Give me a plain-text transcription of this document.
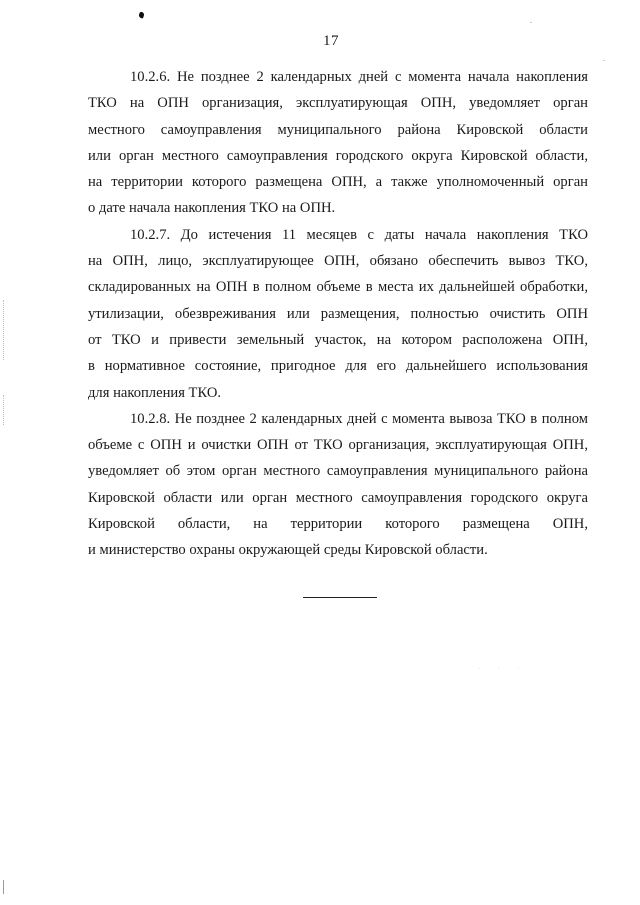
17
10.2.6. Не позднее 2 календарных дней с момента начала накопления
ТКО на ОПН организация, эксплуатирующая ОПН, уведомляет орган
местного самоуправления муниципального района Кировской области
или орган местного самоуправления городского округа Кировской области,
на территории которого размещена ОПН, а также уполномоченный орган
о дате начала накопления ТКО на ОПН.
10.2.7. До истечения 11 месяцев с даты начала накопления ТКО
на ОПН, лицо, эксплуатирующее ОПН, обязано обеспечить вывоз ТКО,
складированных на ОПН в полном объеме в места их дальнейшей обработки,
утилизации, обезвреживания или размещения, полностью очистить ОПН
от ТКО и привести земельный участок, на котором расположена ОПН,
в нормативное состояние, пригодное для его дальнейшего использования
для накопления ТКО.
10.2.8. Не позднее 2 календарных дней с момента вывоза ТКО в полном
объеме с ОПН и очистки ОПН от ТКО организация, эксплуатирующая ОПН,
уведомляет об этом орган местного самоуправления муниципального района
Кировской области или орган местного самоуправления городского округа
Кировской области, на территории которого размещена ОПН,
и министерство охраны окружающей среды Кировской области.
· · ·
